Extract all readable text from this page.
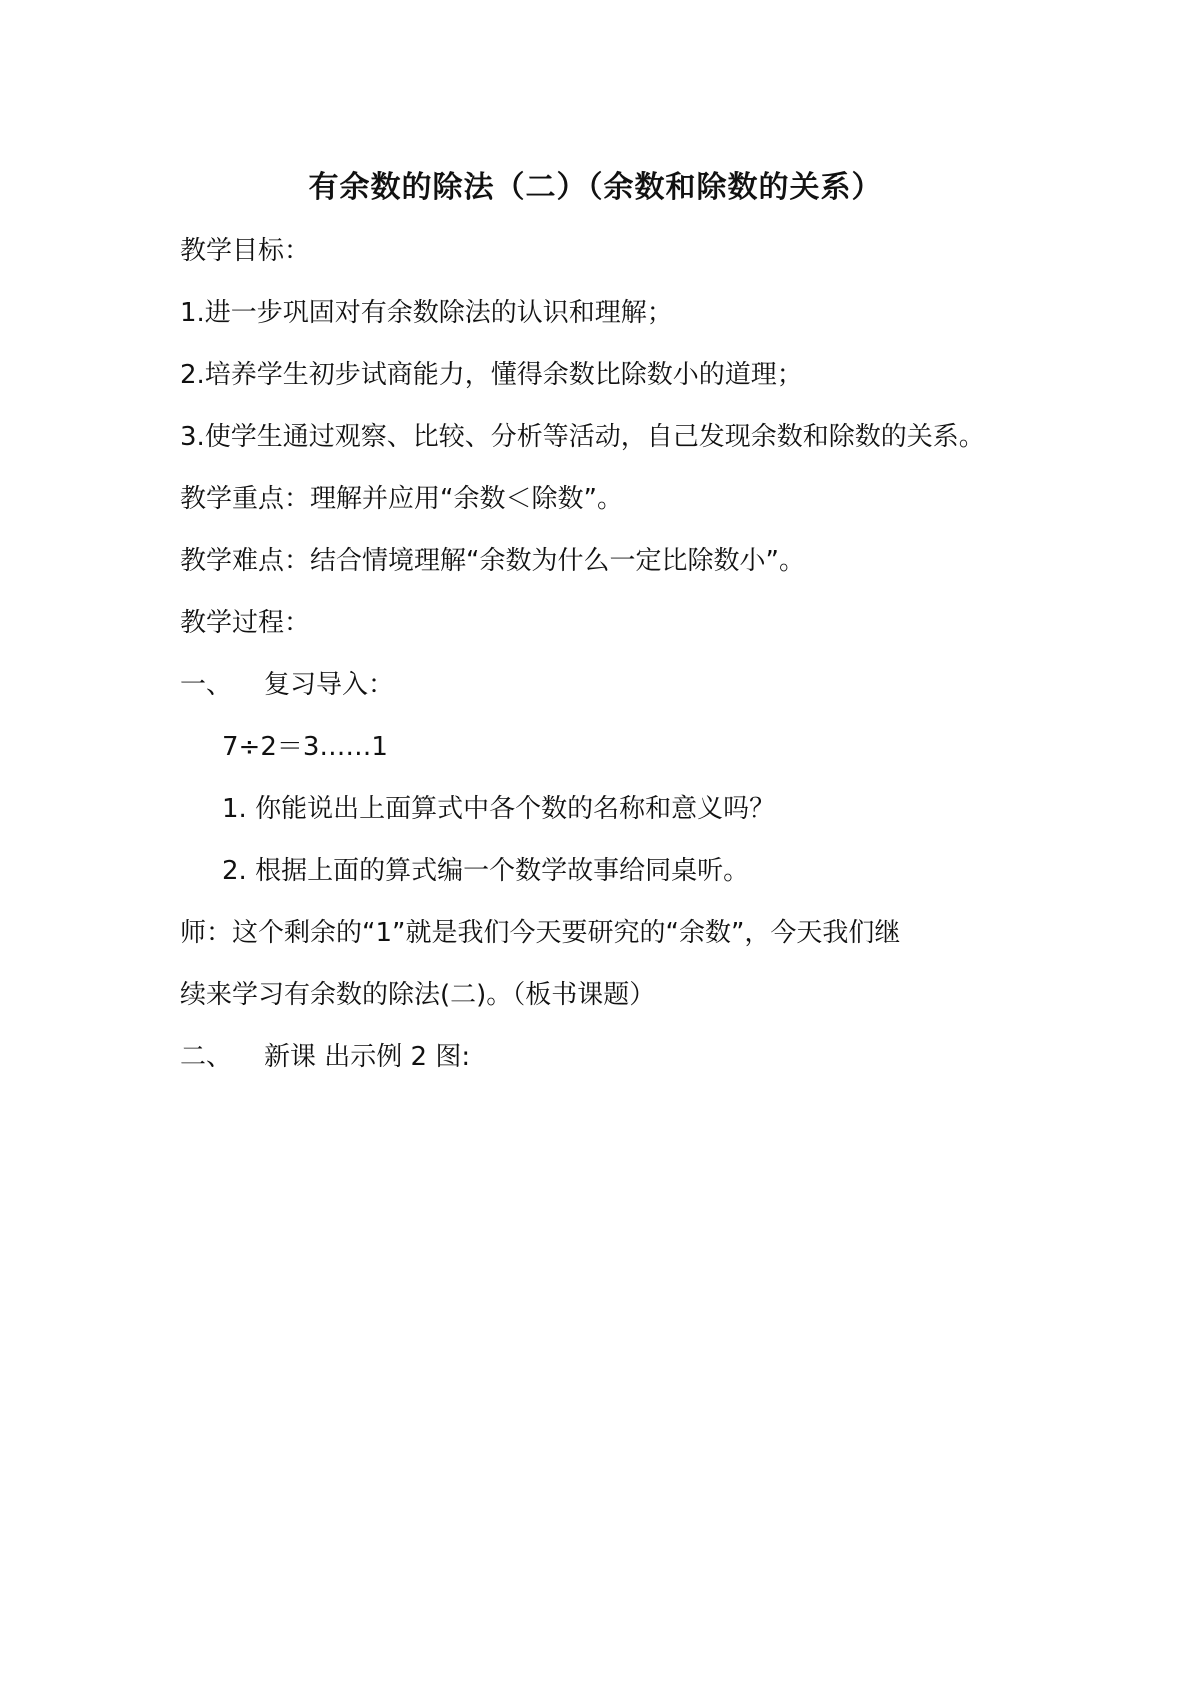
有余数的除法（二）（余数和除数的关系）
教学目标：
1.进一步巩固对有余数除法的认识和理解；
2.培养学生初步试商能力，懂得余数比除数小的道理；
3.使学生通过观察、比较、分析等活动，自己发现余数和除数的关系。
教学重点：理解并应用“余数＜除数”。
教学难点：结合情境理解“余数为什么一定比除数小”。
教学过程：
一、 复习导入：
7÷2＝3……1
1. 你能说出上面算式中各个数的名称和意义吗？
2. 根据上面的算式编一个数学故事给同桌听。
师：这个剩余的“1”就是我们今天要研究的“余数”，今天我们继
续来学习有余数的除法(二)。（板书课题）
二、 新课 出示例 2 图:
